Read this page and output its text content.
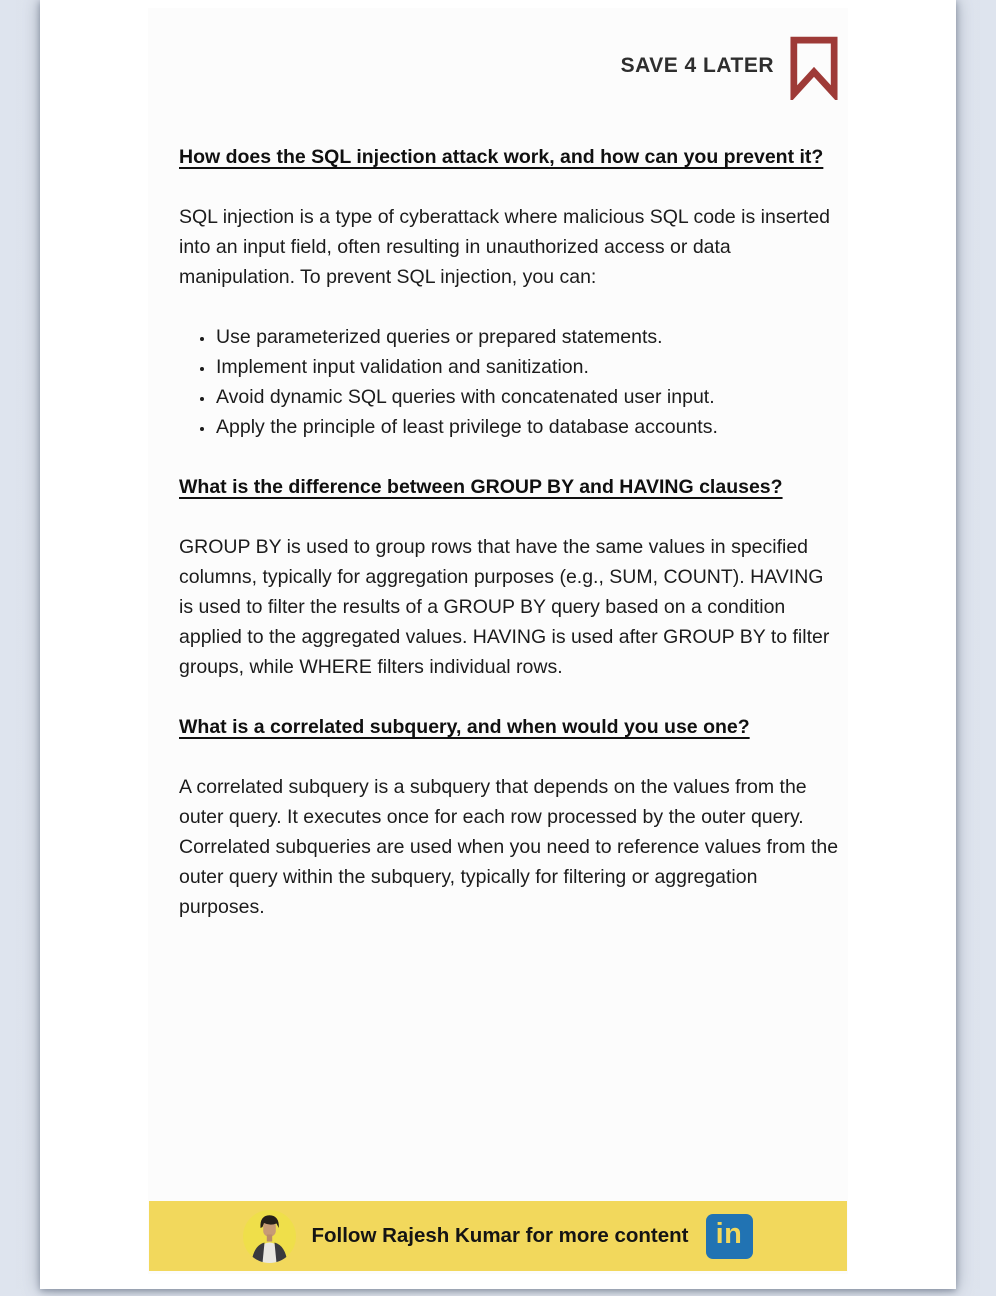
SAVE 4 LATER
How does the SQL injection attack work, and how can you prevent it?

SQL injection is a type of cyberattack where malicious SQL code is inserted into an input field, often resulting in unauthorized access or data manipulation. To prevent SQL injection, you can:

• Use parameterized queries or prepared statements.
• Implement input validation and sanitization.
• Avoid dynamic SQL queries with concatenated user input.
• Apply the principle of least privilege to database accounts.
What is the difference between GROUP BY and HAVING clauses?

GROUP BY is used to group rows that have the same values in specified columns, typically for aggregation purposes (e.g., SUM, COUNT). HAVING is used to filter the results of a GROUP BY query based on a condition applied to the aggregated values. HAVING is used after GROUP BY to filter groups, while WHERE filters individual rows.

What is a correlated subquery, and when would you use one?

A correlated subquery is a subquery that depends on the values from the outer query. It executes once for each row processed by the outer query. Correlated subqueries are used when you need to reference values from the outer query within the subquery, typically for filtering or aggregation purposes.

Follow Rajesh Kumar for more content in
